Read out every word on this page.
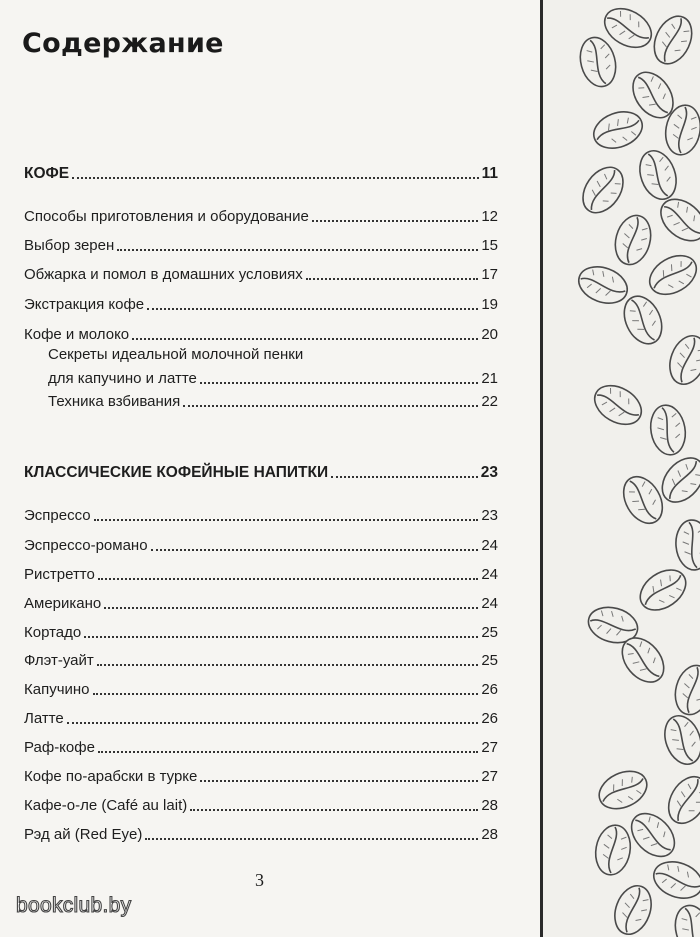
Содержание
КОФЕ	11
Способы приготовления и оборудование	12
Выбор зерен	15
Обжарка и помол в домашних условиях	17
Экстракция кофе	19
Кофе и молоко	20
Секреты идеальной молочной пенки
для капучино и латте	21
Техника взбивания	22
КЛАССИЧЕСКИЕ КОФЕЙНЫЕ НАПИТКИ	23
Эспрессо	23
Эспрессо-романо	24
Ристретто	24
Американо	24
Кортадо	25
Флэт-уайт	25
Капучино	26
Латте	26
Раф-кофе	27
Кофе по-арабски в турке	27
Кафе-о-ле (Café au lait)	28
Рэд ай (Red Eye)	28
3
bookclub.by
